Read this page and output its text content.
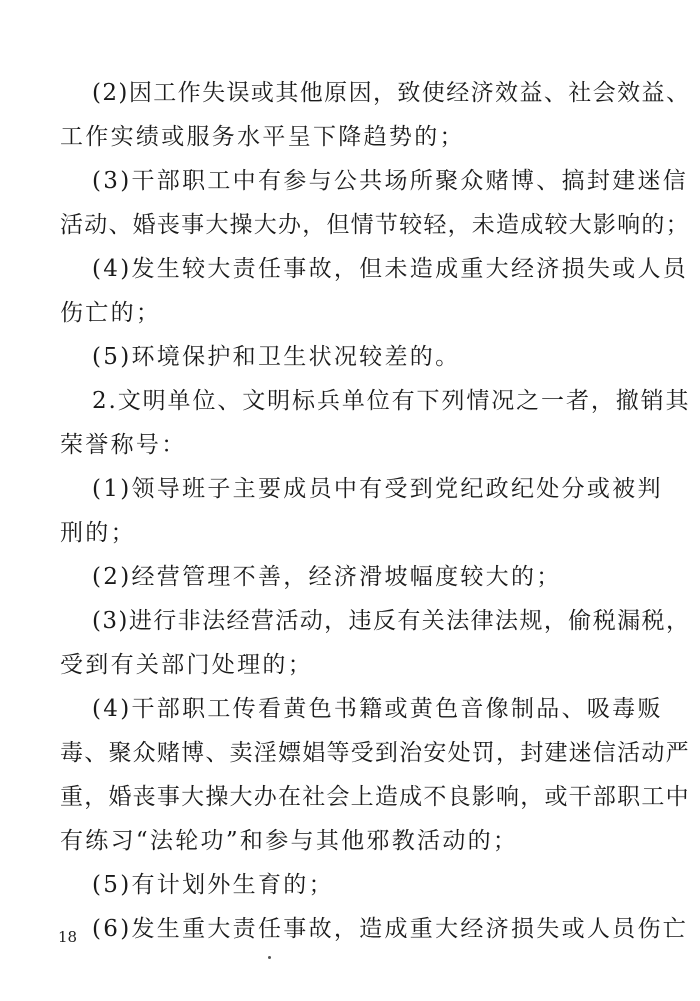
(2)因工作失误或其他原因，致使经济效益、社会效益、
工作实绩或服务水平呈下降趋势的；
(3)干部职工中有参与公共场所聚众赌博、搞封建迷信
活动、婚丧事大操大办，但情节较轻，未造成较大影响的；
(4)发生较大责任事故，但未造成重大经济损失或人员
伤亡的；
(5)环境保护和卫生状况较差的。
2.文明单位、文明标兵单位有下列情况之一者，撤销其
荣誉称号：
(1)领导班子主要成员中有受到党纪政纪处分或被判
刑的；
(2)经营管理不善，经济滑坡幅度较大的；
(3)进行非法经营活动，违反有关法律法规，偷税漏税，
受到有关部门处理的；
(4)干部职工传看黄色书籍或黄色音像制品、吸毒贩
毒、聚众赌博、卖淫嫖娼等受到治安处罚，封建迷信活动严
重，婚丧事大操大办在社会上造成不良影响，或干部职工中
有练习“法轮功”和参与其他邪教活动的；
(5)有计划外生育的；
(6)发生重大责任事故，造成重大经济损失或人员伤亡
18
